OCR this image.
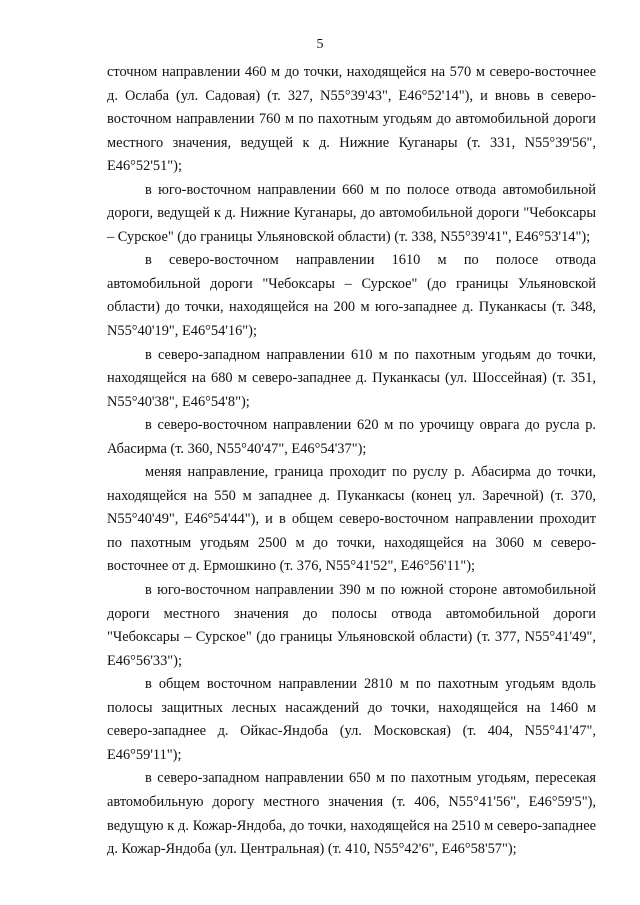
5

сточном направлении 460 м до точки, находящейся на 570 м северо-восточнее д. Ослаба (ул. Садовая) (т. 327, N55°39'43", E46°52'14"), и вновь в северо-восточном направлении 760 м по пахотным угодьям до автомобильной дороги местного значения, ведущей к д. Нижние Куганары (т. 331, N55°39'56", E46°52'51");

в юго-восточном направлении 660 м по полосе отвода автомобильной дороги, ведущей к д. Нижние Куганары, до автомобильной дороги "Чебоксары – Сурское" (до границы Ульяновской области) (т. 338, N55°39'41", E46°53'14");

в северо-восточном направлении 1610 м по полосе отвода автомобильной дороги "Чебоксары – Сурское" (до границы Ульяновской области) до точки, находящейся на 200 м юго-западнее д. Пуканкасы (т. 348, N55°40'19", E46°54'16");

в северо-западном направлении 610 м по пахотным угодьям до точки, находящейся на 680 м северо-западнее д. Пуканкасы (ул. Шоссейная) (т. 351, N55°40'38", E46°54'8");

в северо-восточном направлении 620 м по урочищу оврага до русла р. Абасирма (т. 360, N55°40'47", E46°54'37");

меняя направление, граница проходит по руслу р. Абасирма до точки, находящейся на 550 м западнее д. Пуканкасы (конец ул. Заречной) (т. 370, N55°40'49", E46°54'44"), и в общем северо-восточном направлении проходит по пахотным угодьям 2500 м до точки, находящейся на 3060 м северо-восточнее от д. Ермошкино (т. 376, N55°41'52", E46°56'11");

в юго-восточном направлении 390 м по южной стороне автомобильной дороги местного значения до полосы отвода автомобильной дороги "Чебоксары – Сурское" (до границы Ульяновской области) (т. 377, N55°41'49", E46°56'33");

в общем восточном направлении 2810 м по пахотным угодьям вдоль полосы защитных лесных насаждений до точки, находящейся на 1460 м северо-западнее д. Ойкас-Яндоба (ул. Московская) (т. 404, N55°41'47", E46°59'11");

в северо-западном направлении 650 м по пахотным угодьям, пересекая автомобильную дорогу местного значения (т. 406, N55°41'56", E46°59'5"), ведущую к д. Кожар-Яндоба, до точки, находящейся на 2510 м северо-западнее д. Кожар-Яндоба (ул. Центральная) (т. 410, N55°42'6", E46°58'57");
